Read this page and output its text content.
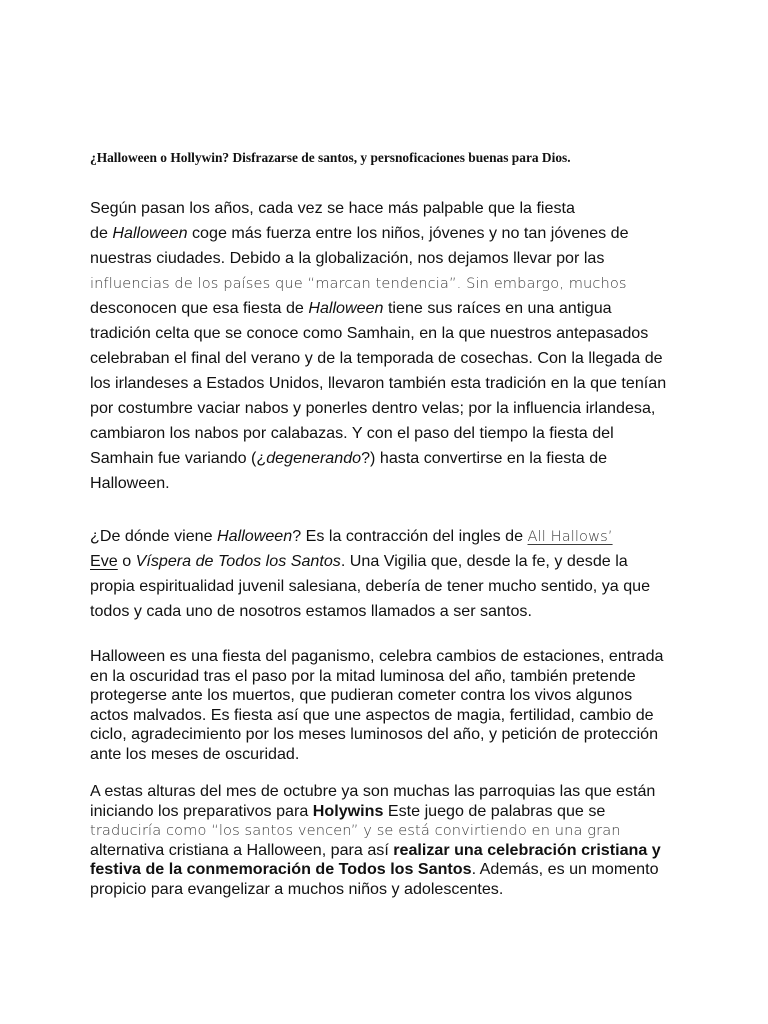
¿Halloween o Hollywin? Disfrazarse de santos, y persnoficaciones buenas para Dios.

Según pasan los años, cada vez se hace más palpable que la fiesta
de Halloween coge más fuerza entre los niños, jóvenes y no tan jóvenes de
nuestras ciudades. Debido a la globalización, nos dejamos llevar por las
influencias de los países que “marcan tendencia”. Sin embargo, muchos
desconocen que esa fiesta de Halloween tiene sus raíces en una antigua
tradición celta que se conoce como Samhain, en la que nuestros antepasados
celebraban el final del verano y de la temporada de cosechas. Con la llegada de
los irlandeses a Estados Unidos, llevaron también esta tradición en la que tenían
por costumbre vaciar nabos y ponerles dentro velas; por la influencia irlandesa,
cambiaron los nabos por calabazas. Y con el paso del tiempo la fiesta del
Samhain fue variando (¿degenerando?) hasta convertirse en la fiesta de
Halloween.

¿De dónde viene Halloween? Es la contracción del ingles de All Hallows’
Eve o Víspera de Todos los Santos. Una Vigilia que, desde la fe, y desde la
propia espiritualidad juvenil salesiana, debería de tener mucho sentido, ya que
todos y cada uno de nosotros estamos llamados a ser santos.

Halloween es una fiesta del paganismo, celebra cambios de estaciones, entrada
en la oscuridad tras el paso por la mitad luminosa del año, también pretende
protegerse ante los muertos, que pudieran cometer contra los vivos algunos
actos malvados. Es fiesta así que une aspectos de magia, fertilidad, cambio de
ciclo, agradecimiento por los meses luminosos del año, y petición de protección
ante los meses de oscuridad.

A estas alturas del mes de octubre ya son muchas las parroquias las que están
iniciando los preparativos para Holywins Este juego de palabras que se
traduciría como “los santos vencen” y se está convirtiendo en una gran
alternativa cristiana a Halloween, para así realizar una celebración cristiana y
festiva de la conmemoración de Todos los Santos. Además, es un momento
propicio para evangelizar a muchos niños y adolescentes.
